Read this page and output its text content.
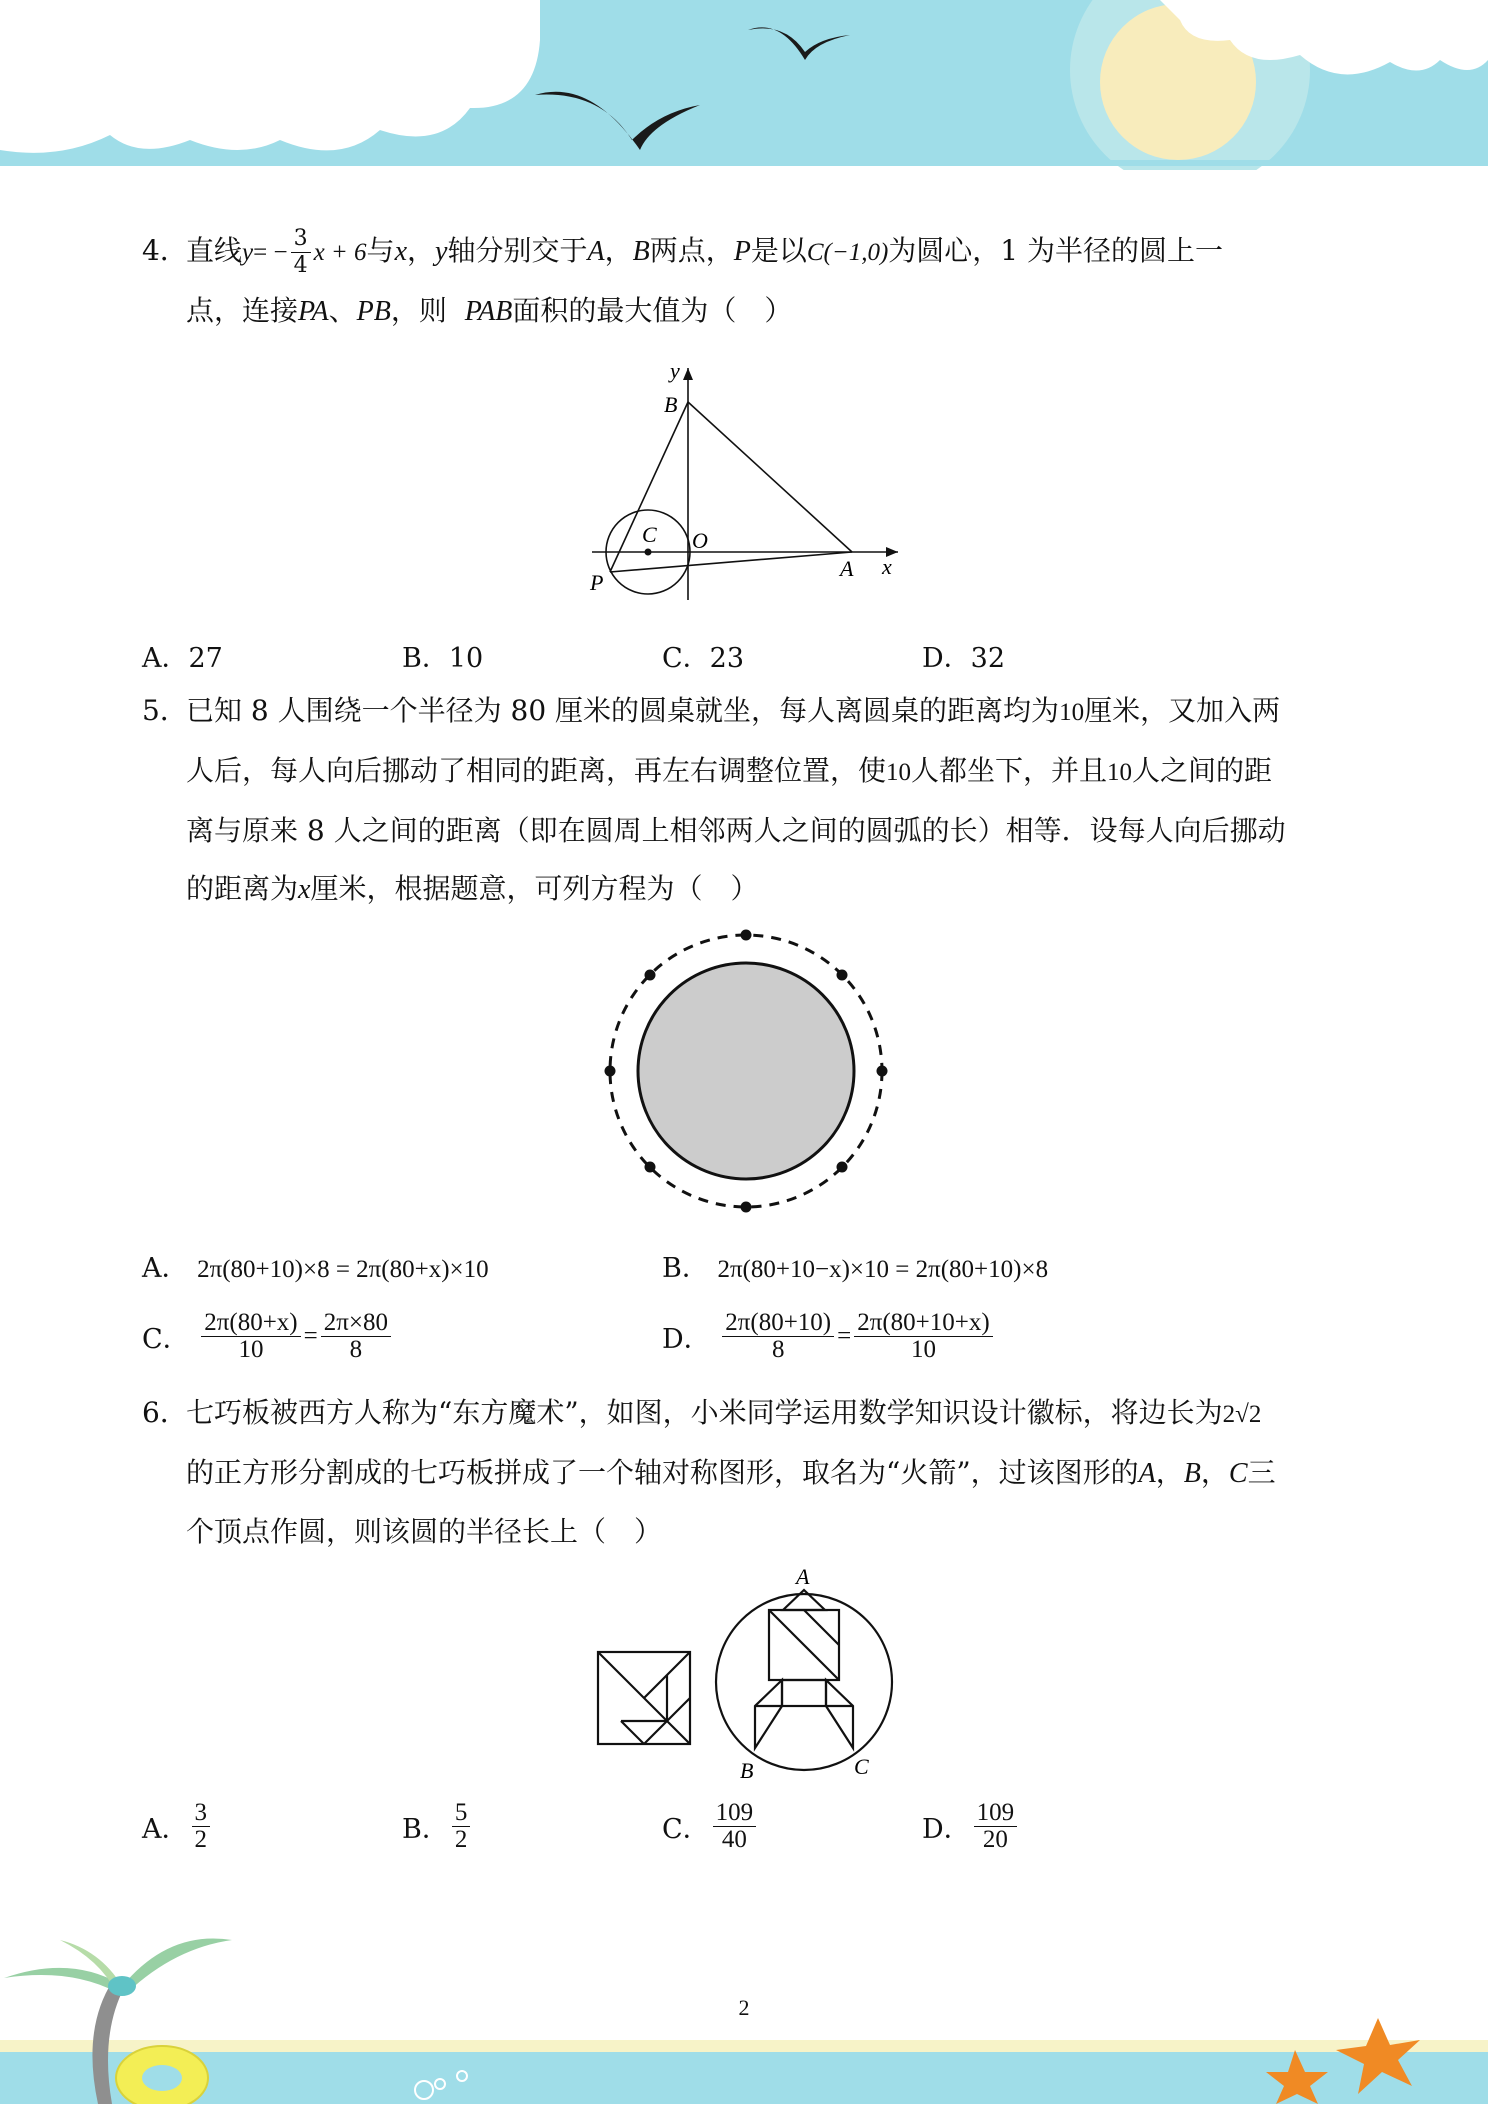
4．
直线$y= - \frac{3}{4}$ x + 6与x，y轴分别交于A，B两点，P是以C(−1,0)为圆心，1 为半径的圆上一
点，连接PA、PB，则 PAB面积的最大值为（　）
y
B
C O
P
A x
A．27	B．10	C．23	D．32
5．
已知 8 人围绕一个半径为 80 厘米的圆桌就坐，每人离圆桌的距离均为10厘米，又加入两
人后，每人向后挪动了相同的距离，再左右调整位置，使10人都坐下，并且10人之间的距
离与原来 8 人之间的距离（即在圆周上相邻两人之间的圆弧的长）相等．设每人向后挪动
的距离为x厘米，根据题意，可列方程为（　）
A． 2π(80+10)×8 = 2π(80+x)×10	B． 2π(80+10−x)×10 = 2π(80+10)×8
C． $\frac{2\pi(80+x)}{10} = \frac{2\pi\times 80}{8}$	D． $\frac{2\pi(80+10)}{8} = \frac{2\pi(80+10+x)}{10}$
6．
七巧板被西方人称为“东方魔术”，如图，小米同学运用数学知识设计徽标，将边长为2√2
的正方形分割成的七巧板拼成了一个轴对称图形，取名为“火箭”，过该图形的A，B，C三
个顶点作圆，则该圆的半径长上（　）
A
B	C
A． $\frac{3}{2}$	B． $\frac{5}{2}$	C． $\frac{109}{40}$	D． $\frac{109}{20}$
2
